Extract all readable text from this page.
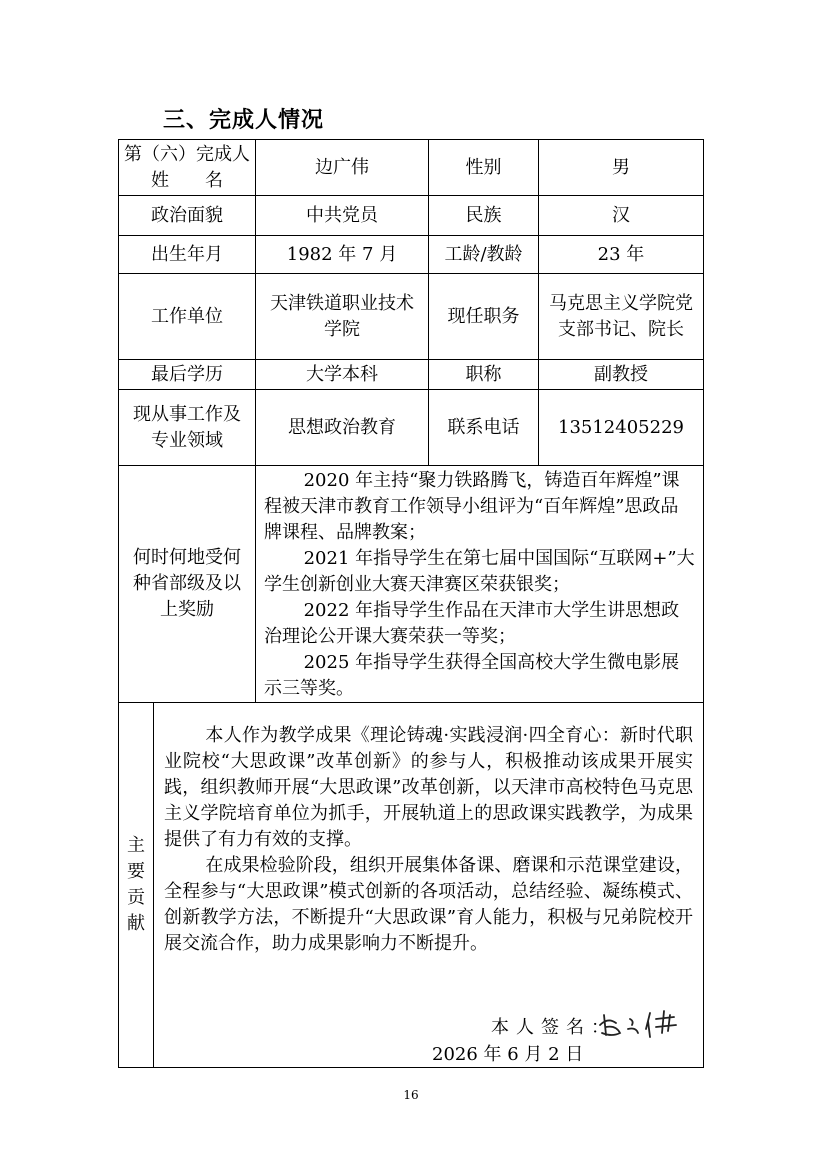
三、完成人情况
第（六）完成人
姓　　名		边广伟	性别	男
政治面貌		中共党员	民族	汉
出生年月		1982 年 7 月	工龄/教龄	23 年
工作单位		天津铁道职业技术学院	现任职务	马克思主义学院党支部书记、院长
最后学历		大学本科	职称	副教授
现从事工作及专业领域		思想政治教育	联系电话	13512405229
何时何地受何种省部级及以上奖励		2020 年主持“聚力铁路腾飞，铸造百年辉煌”课程被天津市教育工作领导小组评为“百年辉煌”思政品牌课程、品牌教案；

2021 年指导学生在第七届中国国际“互联网+”大学生创新创业大赛天津赛区荣获银奖；

2022 年指导学生作品在天津市大学生讲思想政治理论公开课大赛荣获一等奖；

2025 年指导学生获得全国高校大学生微电影展示三等奖。		

主要贡献	本人作为教学成果《理论铸魂·实践浸润·四全育心：新时代职业院校“大思政课”改革创新》的参与人，积极推动该成果开展实践，组织教师开展“大思政课”改革创新，以天津市高校特色马克思主义学院培育单位为抓手，开展轨道上的思政课实践教学，为成果提供了有力有效的支撑。

在成果检验阶段，组织开展集体备课、磨课和示范课堂建设，全程参与“大思政课”模式创新的各项活动，总结经验、凝练模式、创新教学方法，不断提升“大思政课”育人能力，积极与兄弟院校开展交流合作，助力成果影响力不断提升。

本人签名：
2026 年 6 月 2 日			
16
